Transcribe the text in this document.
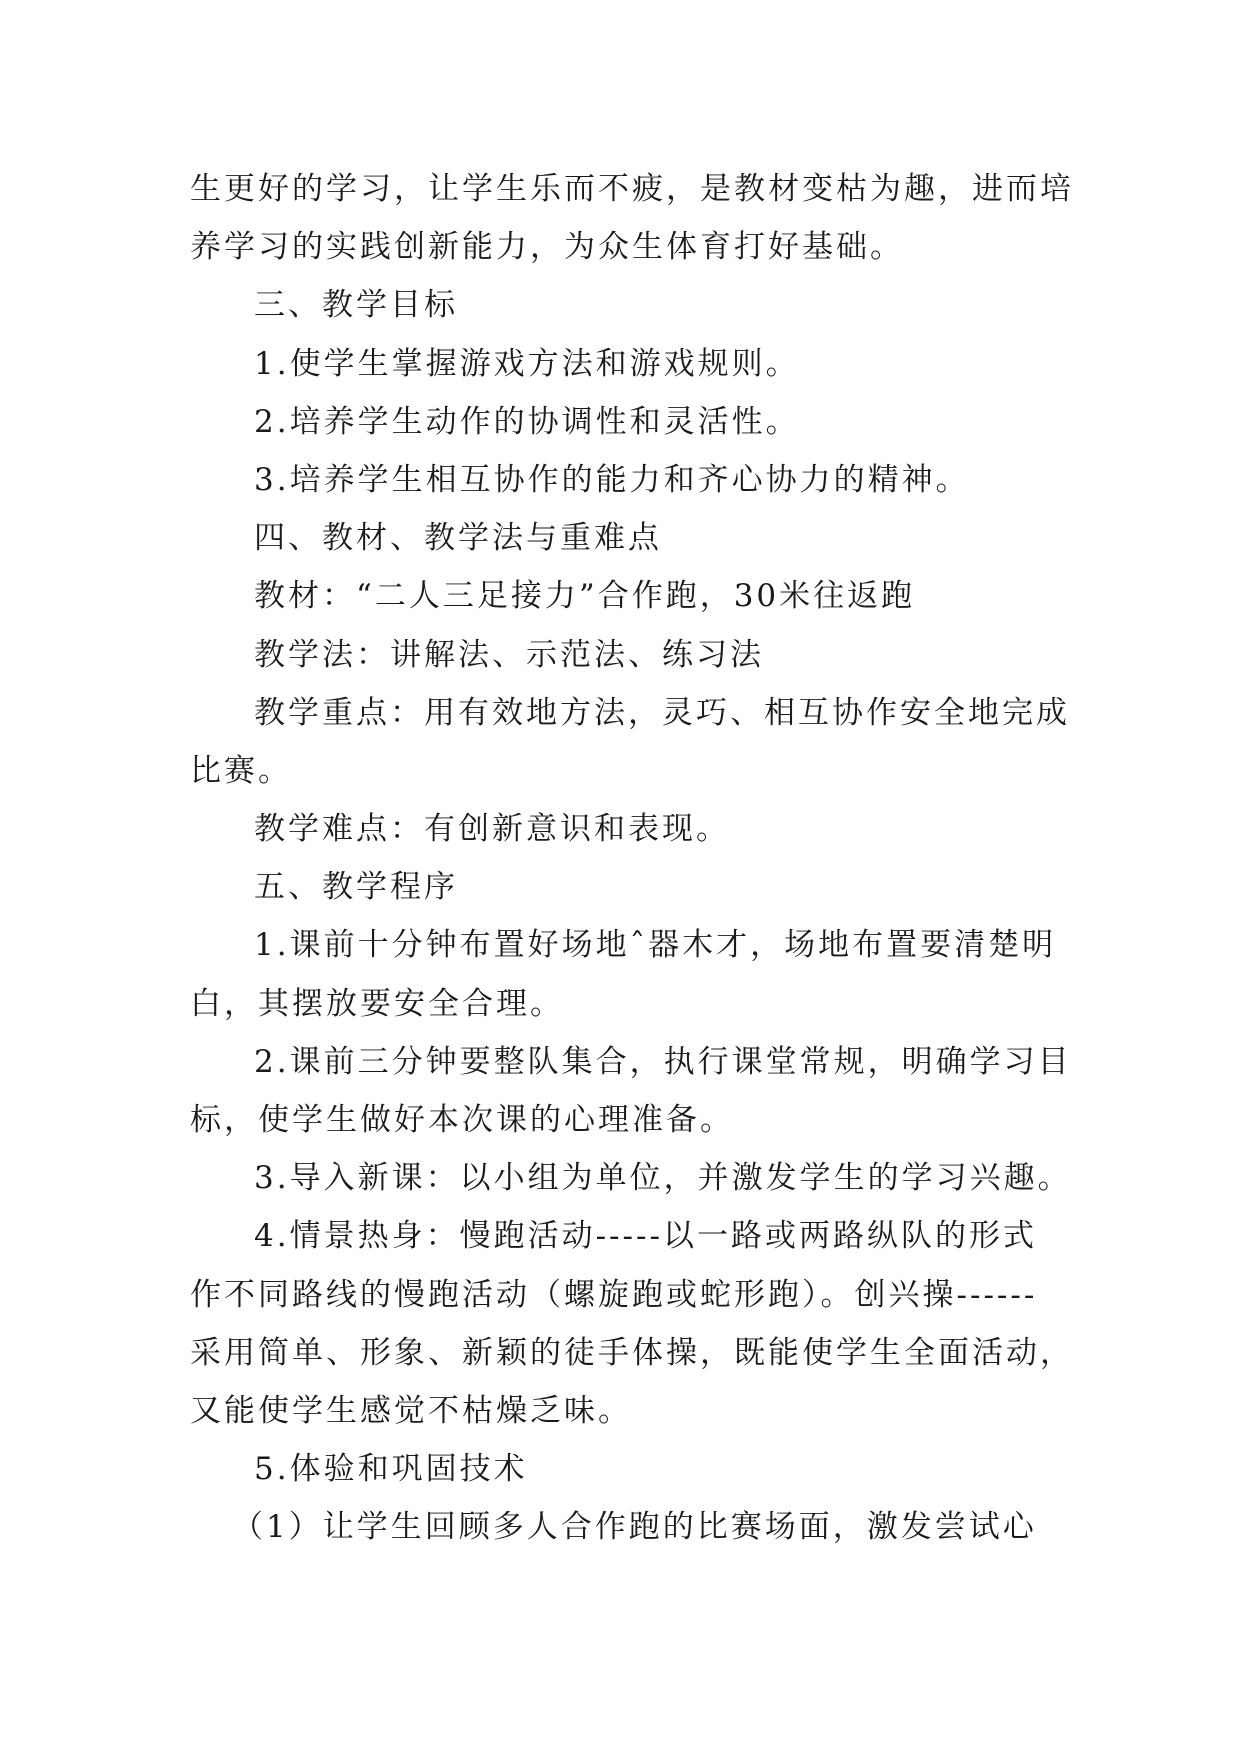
生更好的学习，让学生乐而不疲，是教材变枯为趣，进而培
养学习的实践创新能力，为众生体育打好基础。
三、教学目标
1.使学生掌握游戏方法和游戏规则。
2.培养学生动作的协调性和灵活性。
3.培养学生相互协作的能力和齐心协力的精神。
四、教材、教学法与重难点
教材：“二人三足接力”合作跑，30米往返跑
教学法：讲解法、示范法、练习法
教学重点：用有效地方法，灵巧、相互协作安全地完成
比赛。
教学难点：有创新意识和表现。
五、教学程序
1.课前十分钟布置好场地ˆ器木才，场地布置要清楚明
白，其摆放要安全合理。
2.课前三分钟要整队集合，执行课堂常规，明确学习目
标，使学生做好本次课的心理准备。
3.导入新课：以小组为单位，并激发学生的学习兴趣。
4.情景热身：慢跑活动-----以一路或两路纵队的形式
作不同路线的慢跑活动（螺旋跑或蛇形跑）。创兴操------
采用简单、形象、新颖的徒手体操，既能使学生全面活动，
又能使学生感觉不枯燥乏味。
5.体验和巩固技术
（1）让学生回顾多人合作跑的比赛场面，激发尝试心
